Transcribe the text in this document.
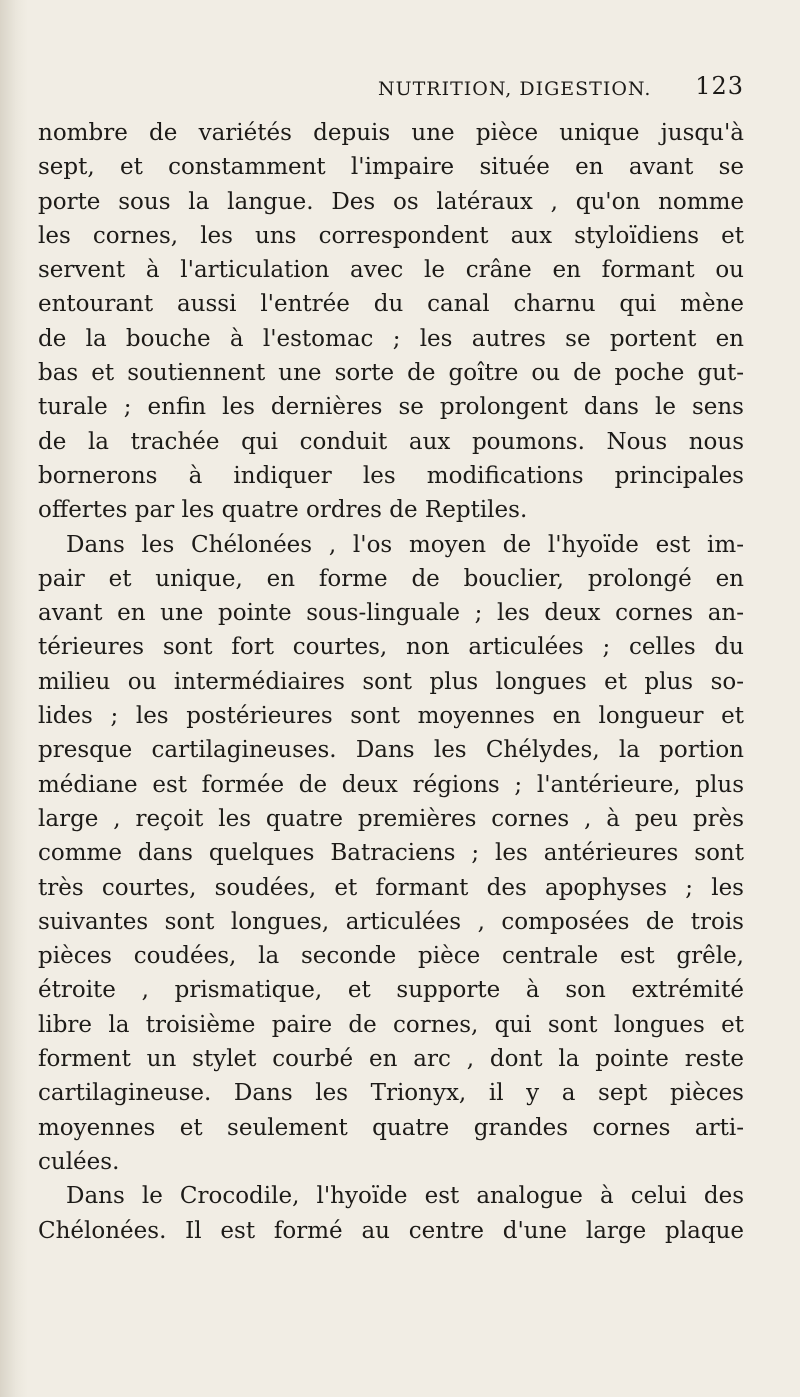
NUTRITION, DIGESTION. 123
nombre de variétés depuis une pièce unique jusqu'à
sept, et constamment l'impaire située en avant se
porte sous la langue. Des os latéraux , qu'on nomme
les cornes, les uns correspondent aux styloïdiens et
servent à l'articulation avec le crâne en formant ou
entourant aussi l'entrée du canal charnu qui mène
de la bouche à l'estomac ; les autres se portent en
bas et soutiennent une sorte de goître ou de poche gut-
turale ; enfin les dernières se prolongent dans le sens
de la trachée qui conduit aux poumons. Nous nous
bornerons à indiquer les modifications principales
offertes par les quatre ordres de Reptiles.
Dans les Chélonées , l'os moyen de l'hyoïde est im-
pair et unique, en forme de bouclier, prolongé en
avant en une pointe sous-linguale ; les deux cornes an-
térieures sont fort courtes, non articulées ; celles du
milieu ou intermédiaires sont plus longues et plus so-
lides ; les postérieures sont moyennes en longueur et
presque cartilagineuses. Dans les Chélydes, la portion
médiane est formée de deux régions ; l'antérieure, plus
large , reçoit les quatre premières cornes , à peu près
comme dans quelques Batraciens ; les antérieures sont
très courtes, soudées, et formant des apophyses ; les
suivantes sont longues, articulées , composées de trois
pièces coudées, la seconde pièce centrale est grêle,
étroite , prismatique, et supporte à son extrémité
libre la troisième paire de cornes, qui sont longues et
forment un stylet courbé en arc , dont la pointe reste
cartilagineuse. Dans les Trionyx, il y a sept pièces
moyennes et seulement quatre grandes cornes arti-
culées.
Dans le Crocodile, l'hyoïde est analogue à celui des
Chélonées. Il est formé au centre d'une large plaque
